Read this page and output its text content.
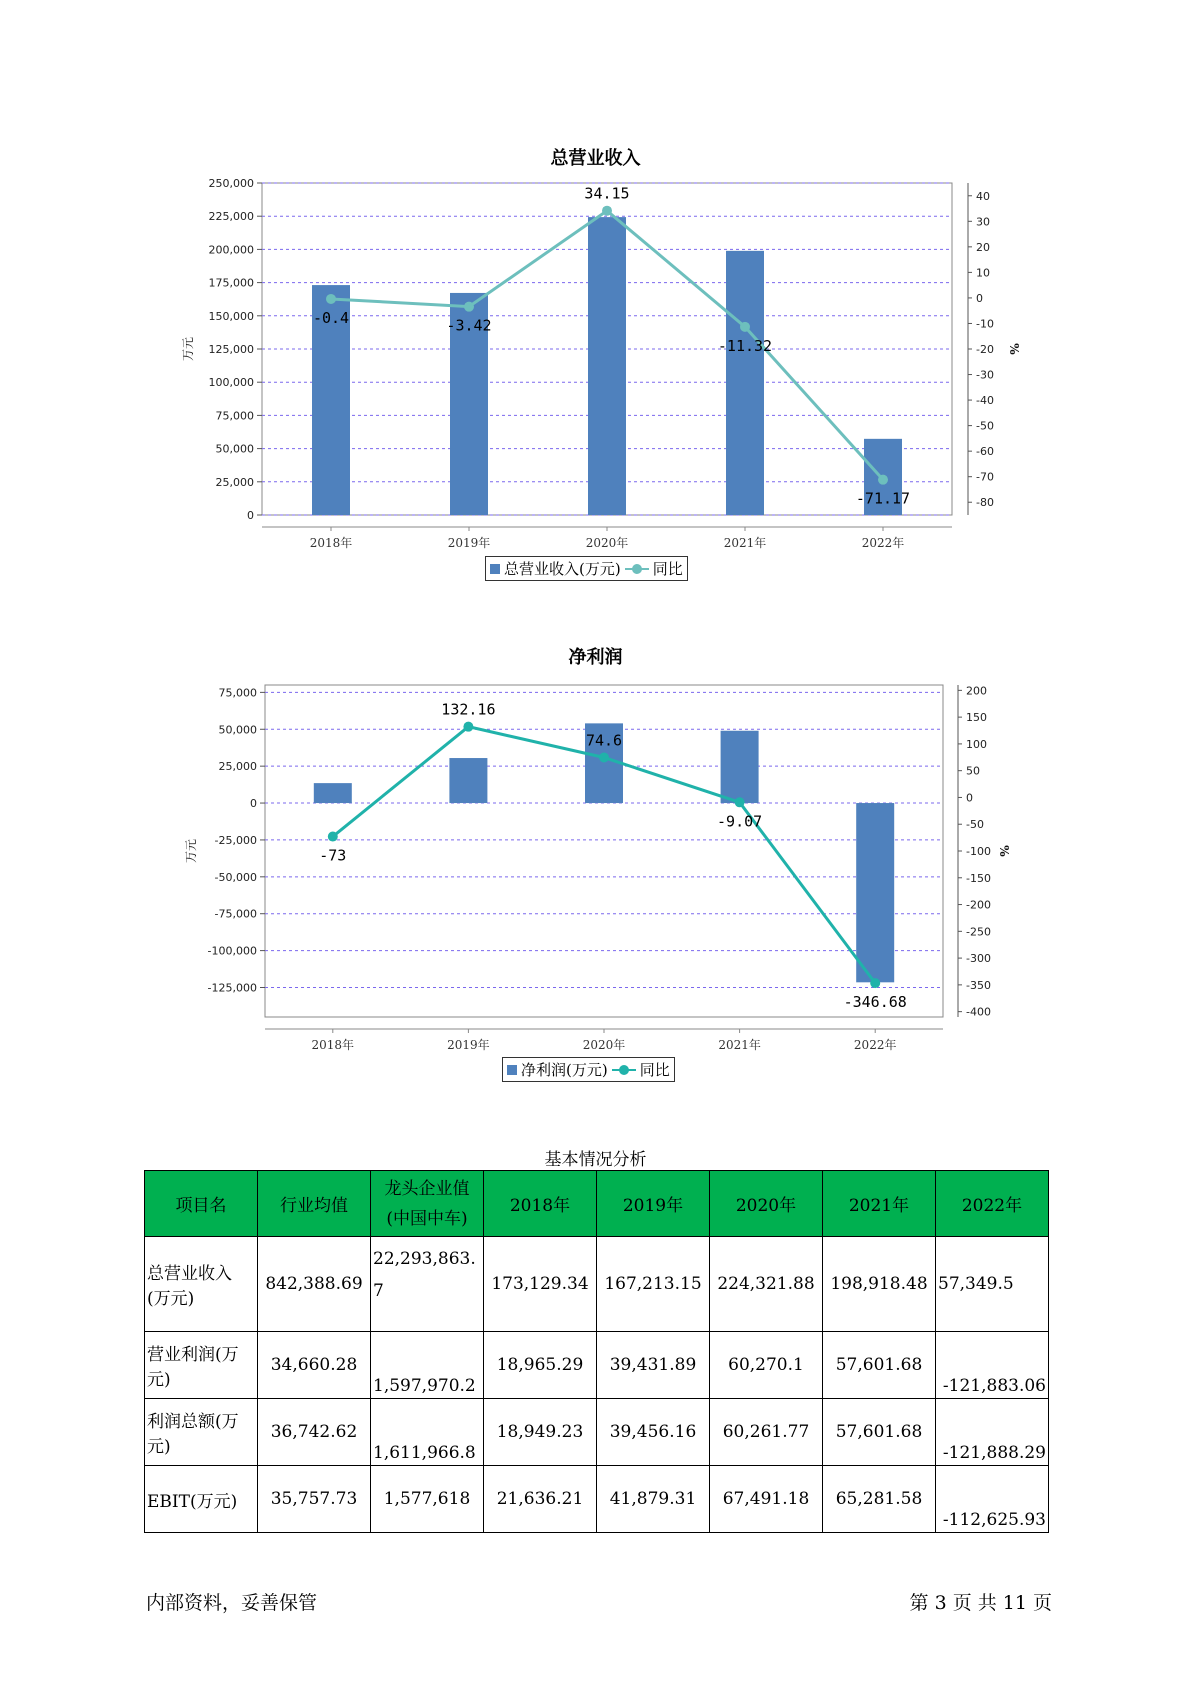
总营业收入
0
25,000
50,000
75,000
100,000
125,000
150,000
175,000
200,000
225,000
250,000
40
30
20
10
0
-10
-20
-30
-40
-50
-60
-70
-80
2018年	2019年	2020年	2021年	2022年
万元	%
-0.4	-3.42
34.15
-11.32
-71.17
总营业收入(万元) 同比
净利润
75,000
50,000
25,000
0
-25,000
-50,000
-75,000
-100,000
-125,000
200
150
100
50
0
-50
-100
-150
-200
-250
-300
-350
-400
2018年	2019年	2020年	2021年	2022年
万元	%
-73
132.16
74.6
-9.07
-346.68
净利润(万元) 同比
基本情况分析
项目名	行业均值	龙头企业值(中国中车)	2018年	2019年	2020年	2021年	2022年
总营业收入(万元)	842,388.69	22,293,863.7	173,129.34	167,213.15	224,321.88	198,918.48	57,349.5
营业利润(万元)	34,660.28	1,597,970.2	18,965.29	39,431.89	60,270.1	57,601.68	-121,883.06
利润总额(万元)	36,742.62	1,611,966.8	18,949.23	39,456.16	60,261.77	57,601.68	-121,888.29
EBIT(万元)	35,757.73	1,577,618	21,636.21	41,879.31	67,491.18	65,281.58	-112,625.93
内部资料，妥善保管	第 3 页 共 11 页
